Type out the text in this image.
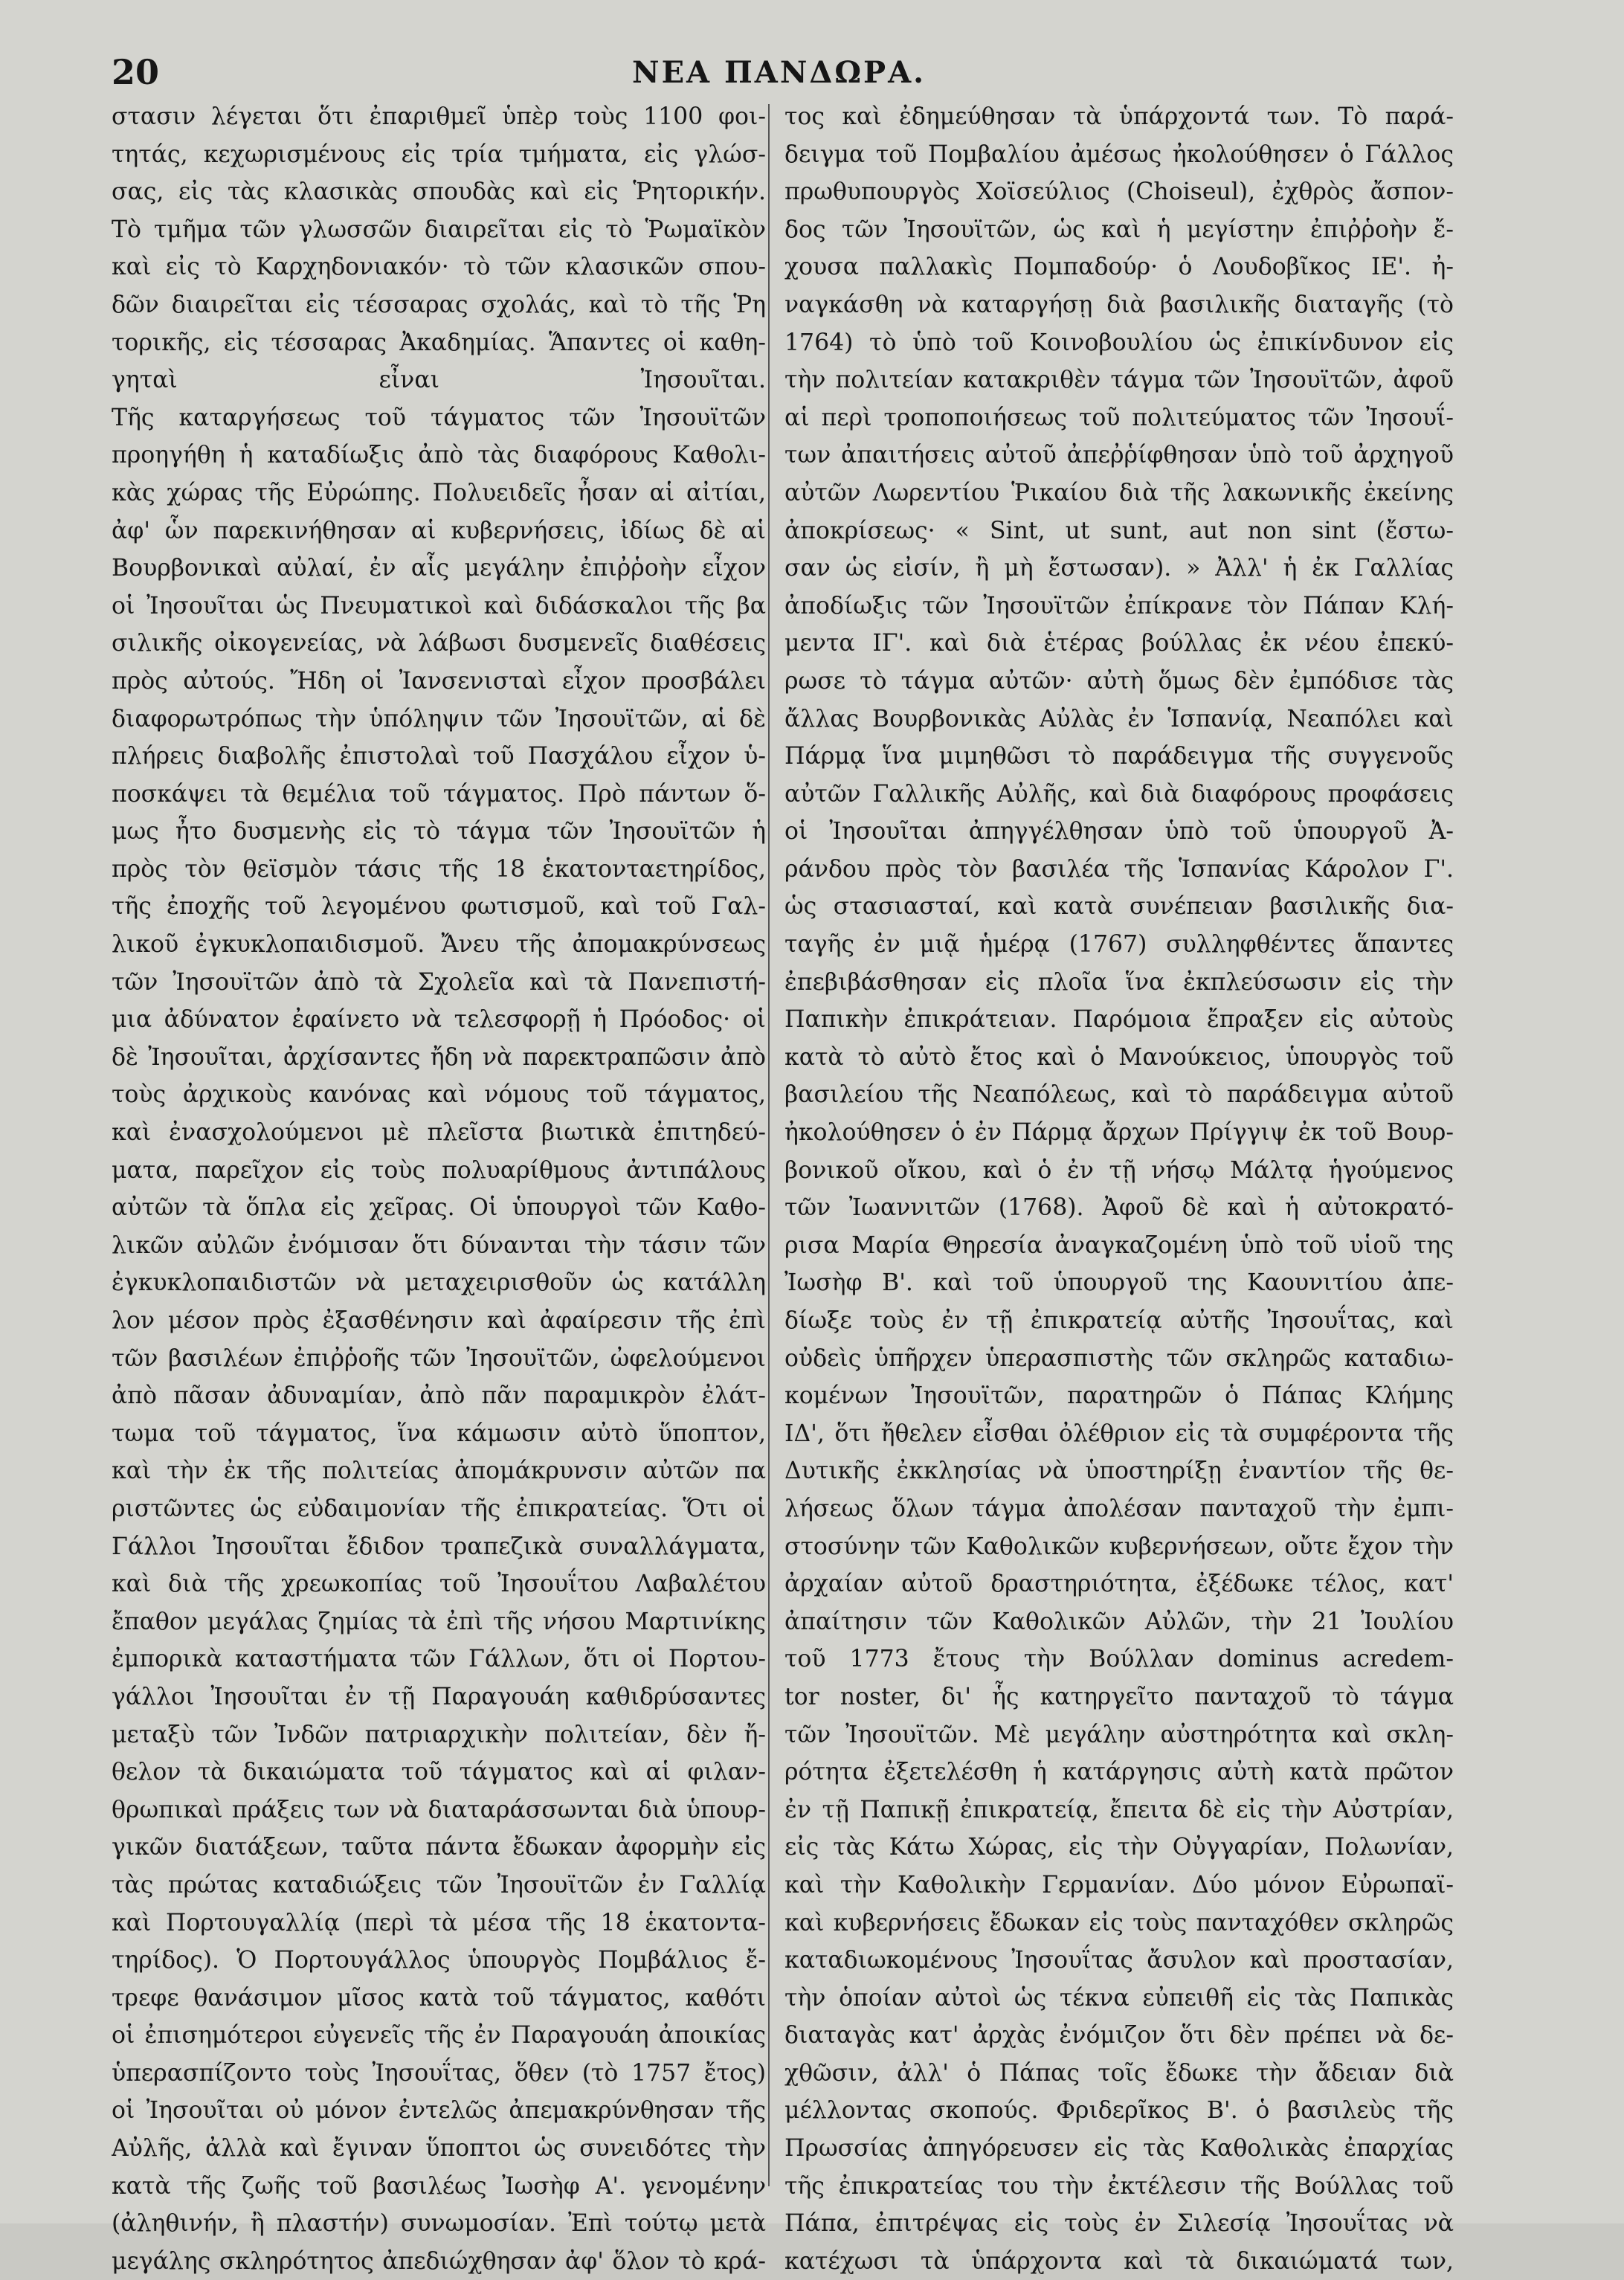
20	ΝΕΑ ΠΑΝΔΩΡΑ.
στασιν λέγεται ὅτι ἐπαριθμεῖ ὑπὲρ τοὺς 1100 φοι-
τητάς, κεχωρισμένους εἰς τρία τμήματα, εἰς γλώσ-
σας, εἰς τὰς κλασικὰς σπουδὰς καὶ εἰς Ῥητορικήν.
Τὸ τμῆμα τῶν γλωσσῶν διαιρεῖται εἰς τὸ Ῥωμαϊκὸν
καὶ εἰς τὸ Καρχηδονιακόν· τὸ τῶν κλασικῶν σπου-
δῶν διαιρεῖται εἰς τέσσαρας σχολάς, καὶ τὸ τῆς Ῥη
τορικῆς, εἰς τέσσαρας Ἀκαδημίας. Ἅπαντες οἱ καθη-
γηταὶ εἶναι Ἰησουῖται.
Τῆς καταργήσεως τοῦ τάγματος τῶν Ἰησουϊτῶν
προηγήθη ἡ καταδίωξις ἀπὸ τὰς διαφόρους Καθολι-
κὰς χώρας τῆς Εὐρώπης. Πολυειδεῖς ἦσαν αἱ αἰτίαι,
ἀφ' ὧν παρεκινήθησαν αἱ κυβερνήσεις, ἰδίως δὲ αἱ
Βουρβονικαὶ αὐλαί, ἐν αἷς μεγάλην ἐπιῤῥοὴν εἶχον
οἱ Ἰησουῖται ὡς Πνευματικοὶ καὶ διδάσκαλοι τῆς βα
σιλικῆς οἰκογενείας, νὰ λάβωσι δυσμενεῖς διαθέσεις
πρὸς αὐτούς. Ἤδη οἱ Ἰανσενισταὶ εἶχον προσβάλει
διαφορωτρόπως τὴν ὑπόληψιν τῶν Ἰησουϊτῶν, αἱ δὲ
πλήρεις διαβολῆς ἐπιστολαὶ τοῦ Πασχάλου εἶχον ὑ-
ποσκάψει τὰ θεμέλια τοῦ τάγματος. Πρὸ πάντων ὅ-
μως ἦτο δυσμενὴς εἰς τὸ τάγμα τῶν Ἰησουϊτῶν ἡ
πρὸς τὸν θεϊσμὸν τάσις τῆς 18 ἑκατονταετηρίδος,
τῆς ἐποχῆς τοῦ λεγομένου φωτισμοῦ, καὶ τοῦ Γαλ-
λικοῦ ἐγκυκλοπαιδισμοῦ. Ἄνευ τῆς ἀπομακρύνσεως
τῶν Ἰησουϊτῶν ἀπὸ τὰ Σχολεῖα καὶ τὰ Πανεπιστή-
μια ἀδύνατον ἐφαίνετο νὰ τελεσφορῇ ἡ Πρόοδος· οἱ
δὲ Ἰησουῖται, ἀρχίσαντες ἤδη νὰ παρεκτραπῶσιν ἀπὸ
τοὺς ἀρχικοὺς κανόνας καὶ νόμους τοῦ τάγματος,
καὶ ἐνασχολούμενοι μὲ πλεῖστα βιωτικὰ ἐπιτηδεύ-
ματα, παρεῖχον εἰς τοὺς πολυαρίθμους ἀντιπάλους
αὐτῶν τὰ ὅπλα εἰς χεῖρας. Οἱ ὑπουργοὶ τῶν Καθο-
λικῶν αὐλῶν ἐνόμισαν ὅτι δύνανται τὴν τάσιν τῶν
ἐγκυκλοπαιδιστῶν νὰ μεταχειρισθοῦν ὡς κατάλλη
λον μέσον πρὸς ἐξασθένησιν καὶ ἀφαίρεσιν τῆς ἐπὶ
τῶν βασιλέων ἐπιῤῥοῆς τῶν Ἰησουϊτῶν, ὠφελούμενοι
ἀπὸ πᾶσαν ἀδυναμίαν, ἀπὸ πᾶν παραμικρὸν ἐλάτ-
τωμα τοῦ τάγματος, ἵνα κάμωσιν αὐτὸ ὕποπτον,
καὶ τὴν ἐκ τῆς πολιτείας ἀπομάκρυνσιν αὐτῶν πα
ριστῶντες ὡς εὐδαιμονίαν τῆς ἐπικρατείας. Ὅτι οἱ
Γάλλοι Ἰησουῖται ἔδιδον τραπεζικὰ συναλλάγματα,
καὶ διὰ τῆς χρεωκοπίας τοῦ Ἰησουΐτου Λαβαλέτου
ἔπαθον μεγάλας ζημίας τὰ ἐπὶ τῆς νήσου Μαρτινίκης
ἐμπορικὰ καταστήματα τῶν Γάλλων, ὅτι οἱ Πορτου-
γάλλοι Ἰησουῖται ἐν τῇ Παραγουάη καθιδρύσαντες
μεταξὺ τῶν Ἰνδῶν πατριαρχικὴν πολιτείαν, δὲν ἤ-
θελον τὰ δικαιώματα τοῦ τάγματος καὶ αἱ φιλαν-
θρωπικαὶ πράξεις των νὰ διαταράσσωνται διὰ ὑπουρ-
γικῶν διατάξεων, ταῦτα πάντα ἔδωκαν ἀφορμὴν εἰς
τὰς πρώτας καταδιώξεις τῶν Ἰησουϊτῶν ἐν Γαλλίᾳ
καὶ Πορτουγαλλίᾳ (περὶ τὰ μέσα τῆς 18 ἑκατοντα-
τηρίδος). Ὁ Πορτουγάλλος ὑπουργὸς Πομβάλιος ἔ-
τρεφε θανάσιμον μῖσος κατὰ τοῦ τάγματος, καθότι
οἱ ἐπισημότεροι εὐγενεῖς τῆς ἐν Παραγουάη ἀποικίας
ὑπερασπίζοντο τοὺς Ἰησουΐτας, ὅθεν (τὸ 1757 ἔτος)
οἱ Ἰησουῖται οὐ μόνον ἐντελῶς ἀπεμακρύνθησαν τῆς
Αὐλῆς, ἀλλὰ καὶ ἔγιναν ὕποπτοι ὡς συνειδότες τὴν
κατὰ τῆς ζωῆς τοῦ βασιλέως Ἰωσὴφ Α'. γενομένην
(ἀληθινήν, ἢ πλαστήν) συνωμοσίαν. Ἐπὶ τούτῳ μετὰ
μεγάλης σκληρότητος ἀπεδιώχθησαν ἀφ' ὅλον τὸ κρά-
τος καὶ ἐδημεύθησαν τὰ ὑπάρχοντά των. Τὸ παρά-
δειγμα τοῦ Πομβαλίου ἀμέσως ἠκολούθησεν ὁ Γάλλος
πρωθυπουργὸς Χοϊσεύλιος (Choiseul), ἐχθρὸς ἄσπον-
δος τῶν Ἰησουϊτῶν, ὡς καὶ ἡ μεγίστην ἐπιῤῥοὴν ἔ-
χουσα παλλακὶς Πομπαδούρ· ὁ Λουδοβῖκος ΙΕ'. ἠ-
ναγκάσθη νὰ καταργήσῃ διὰ βασιλικῆς διαταγῆς (τὸ
1764) τὸ ὑπὸ τοῦ Κοινοβουλίου ὡς ἐπικίνδυνον εἰς
τὴν πολιτείαν κατακριθὲν τάγμα τῶν Ἰησουϊτῶν, ἀφοῦ
αἱ περὶ τροποποιήσεως τοῦ πολιτεύματος τῶν Ἰησουΐ-
των ἀπαιτήσεις αὐτοῦ ἀπεῤῥίφθησαν ὑπὸ τοῦ ἀρχηγοῦ
αὐτῶν Λωρεντίου Ῥικαίου διὰ τῆς λακωνικῆς ἐκείνης
ἀποκρίσεως· « Sint, ut sunt, aut non sint (ἔστω-
σαν ὡς εἰσίν, ἢ μὴ ἔστωσαν). » Ἀλλ' ἡ ἐκ Γαλλίας
ἀποδίωξις τῶν Ἰησουϊτῶν ἐπίκρανε τὸν Πάπαν Κλή-
μεντα ΙΓ'. καὶ διὰ ἑτέρας βούλλας ἐκ νέου ἐπεκύ-
ρωσε τὸ τάγμα αὐτῶν· αὐτὴ ὅμως δὲν ἐμπόδισε τὰς
ἄλλας Βουρβονικὰς Αὐλὰς ἐν Ἱσπανίᾳ, Νεαπόλει καὶ
Πάρμᾳ ἵνα μιμηθῶσι τὸ παράδειγμα τῆς συγγενοῦς
αὐτῶν Γαλλικῆς Αὐλῆς, καὶ διὰ διαφόρους προφάσεις
οἱ Ἰησουῖται ἀπηγγέλθησαν ὑπὸ τοῦ ὑπουργοῦ Ἀ-
ράνδου πρὸς τὸν βασιλέα τῆς Ἱσπανίας Κάρολον Γ'.
ὡς στασιασταί, καὶ κατὰ συνέπειαν βασιλικῆς δια-
ταγῆς ἐν μιᾷ ἡμέρᾳ (1767) συλληφθέντες ἅπαντες
ἐπεβιβάσθησαν εἰς πλοῖα ἵνα ἐκπλεύσωσιν εἰς τὴν
Παπικὴν ἐπικράτειαν. Παρόμοια ἔπραξεν εἰς αὐτοὺς
κατὰ τὸ αὐτὸ ἔτος καὶ ὁ Μανούκειος, ὑπουργὸς τοῦ
βασιλείου τῆς Νεαπόλεως, καὶ τὸ παράδειγμα αὐτοῦ
ἠκολούθησεν ὁ ἐν Πάρμᾳ ἄρχων Πρίγγιψ ἐκ τοῦ Βουρ-
βονικοῦ οἴκου, καὶ ὁ ἐν τῇ νήσῳ Μάλτᾳ ἡγούμενος
τῶν Ἰωαννιτῶν (1768). Ἀφοῦ δὲ καὶ ἡ αὐτοκρατό-
ρισα Μαρία Θηρεσία ἀναγκαζομένη ὑπὸ τοῦ υἱοῦ της
Ἰωσὴφ Β'. καὶ τοῦ ὑπουργοῦ της Καουνιτίου ἀπε-
δίωξε τοὺς ἐν τῇ ἐπικρατείᾳ αὐτῆς Ἰησουΐτας, καὶ
οὐδεὶς ὑπῆρχεν ὑπερασπιστὴς τῶν σκληρῶς καταδιω-
κομένων Ἰησουϊτῶν, παρατηρῶν ὁ Πάπας Κλήμης
ΙΔ', ὅτι ἤθελεν εἶσθαι ὀλέθριον εἰς τὰ συμφέροντα τῆς
Δυτικῆς ἐκκλησίας νὰ ὑποστηρίξῃ ἐναντίον τῆς θε-
λήσεως ὅλων τάγμα ἀπολέσαν πανταχοῦ τὴν ἐμπι-
στοσύνην τῶν Καθολικῶν κυβερνήσεων, οὔτε ἔχον τὴν
ἀρχαίαν αὐτοῦ δραστηριότητα, ἐξέδωκε τέλος, κατ'
ἀπαίτησιν τῶν Καθολικῶν Αὐλῶν, τὴν 21 Ἰουλίου
τοῦ 1773 ἔτους τὴν Βούλλαν dominus acredem-
tor noster, δι' ἧς κατηργεῖτο πανταχοῦ τὸ τάγμα
τῶν Ἰησουϊτῶν. Μὲ μεγάλην αὐστηρότητα καὶ σκλη-
ρότητα ἐξετελέσθη ἡ κατάργησις αὐτὴ κατὰ πρῶτον
ἐν τῇ Παπικῇ ἐπικρατείᾳ, ἔπειτα δὲ εἰς τὴν Αὐστρίαν,
εἰς τὰς Κάτω Χώρας, εἰς τὴν Οὐγγαρίαν, Πολωνίαν,
καὶ τὴν Καθολικὴν Γερμανίαν. Δύο μόνον Εὐρωπαϊ-
καὶ κυβερνήσεις ἔδωκαν εἰς τοὺς πανταχόθεν σκληρῶς
καταδιωκομένους Ἰησουΐτας ἄσυλον καὶ προστασίαν,
τὴν ὁποίαν αὐτοὶ ὡς τέκνα εὐπειθῆ εἰς τὰς Παπικὰς
διαταγὰς κατ' ἀρχὰς ἐνόμιζον ὅτι δὲν πρέπει νὰ δε-
χθῶσιν, ἀλλ' ὁ Πάπας τοῖς ἔδωκε τὴν ἄδειαν διὰ
μέλλοντας σκοπούς. Φριδερῖκος Β'. ὁ βασιλεὺς τῆς
Πρωσσίας ἀπηγόρευσεν εἰς τὰς Καθολικὰς ἐπαρχίας
τῆς ἐπικρατείας του τὴν ἐκτέλεσιν τῆς Βούλλας τοῦ
Πάπα, ἐπιτρέψας εἰς τοὺς ἐν Σιλεσίᾳ Ἰησουΐτας νὰ
κατέχωσι τὰ ὑπάρχοντα καὶ τὰ δικαιώματά των,
